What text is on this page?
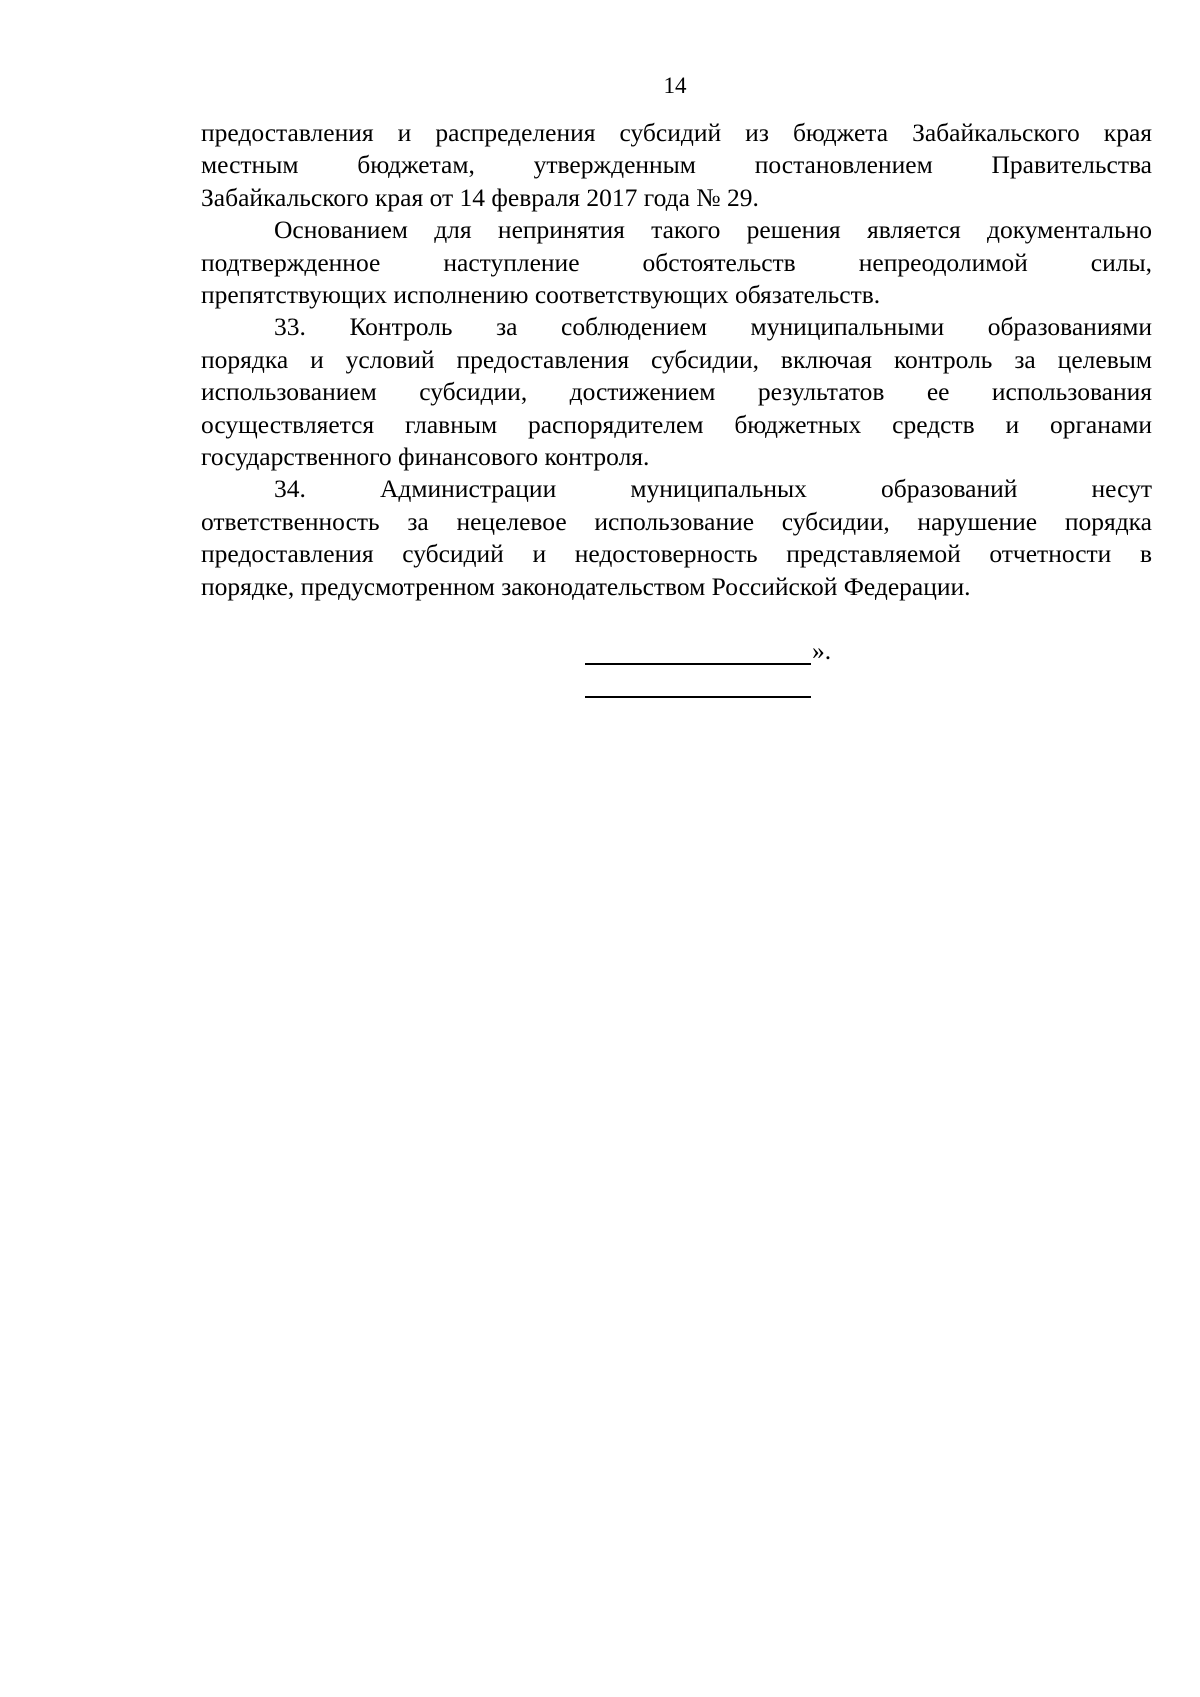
14

предоставления и распределения субсидий из бюджета Забайкальского края
местным бюджетам, утвержденным постановлением Правительства
Забайкальского края от 14 февраля 2017 года № 29.

Основанием для непринятия такого решения является документально
подтвержденное наступление обстоятельств непреодолимой силы,
препятствующих исполнению соответствующих обязательств.

33. Контроль за соблюдением муниципальными образованиями
порядка и условий предоставления субсидии, включая контроль за целевым
использованием субсидии, достижением результатов ее использования
осуществляется главным распорядителем бюджетных средств и органами
государственного финансового контроля.

34. Администрации муниципальных образований несут
ответственность за нецелевое использование субсидии, нарушение порядка
предоставления субсидий и недостоверность представляемой отчетности в
порядке, предусмотренном законодательством Российской Федерации.

».
